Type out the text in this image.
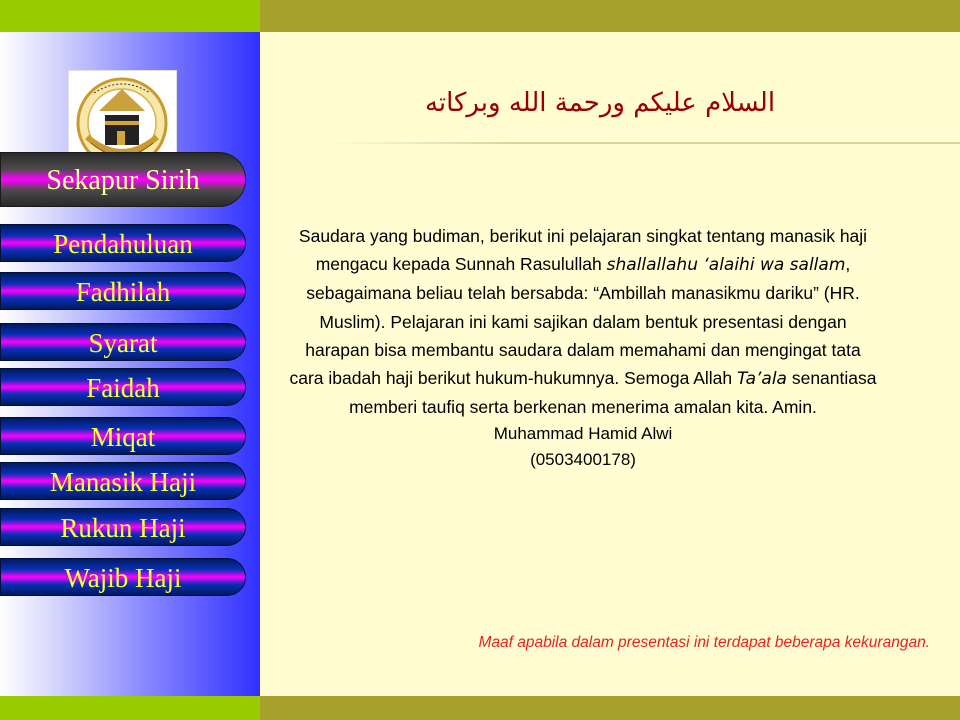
Sekapur Sirih
Pendahuluan
Fadhilah
Syarat
Faidah
Miqat
Manasik Haji
Rukun Haji
Wajib Haji
السلام عليكم ورحمة الله وبركاته

Saudara yang budiman, berikut ini pelajaran singkat tentang manasik haji mengacu kepada Sunnah Rasulullah shallallahu ‘alaihi wa sallam, sebagaimana beliau telah bersabda: “Ambillah manasikmu dariku” (HR. Muslim). Pelajaran ini kami sajikan dalam bentuk presentasi dengan harapan bisa membantu saudara dalam memahami dan mengingat tata cara ibadah haji berikut hukum-hukumnya. Semoga Allah Ta’ala senantiasa memberi taufiq serta berkenan menerima amalan kita. Amin.

Muhammad Hamid Alwi
(0503400178)
Maaf apabila dalam presentasi ini terdapat beberapa kekurangan.
